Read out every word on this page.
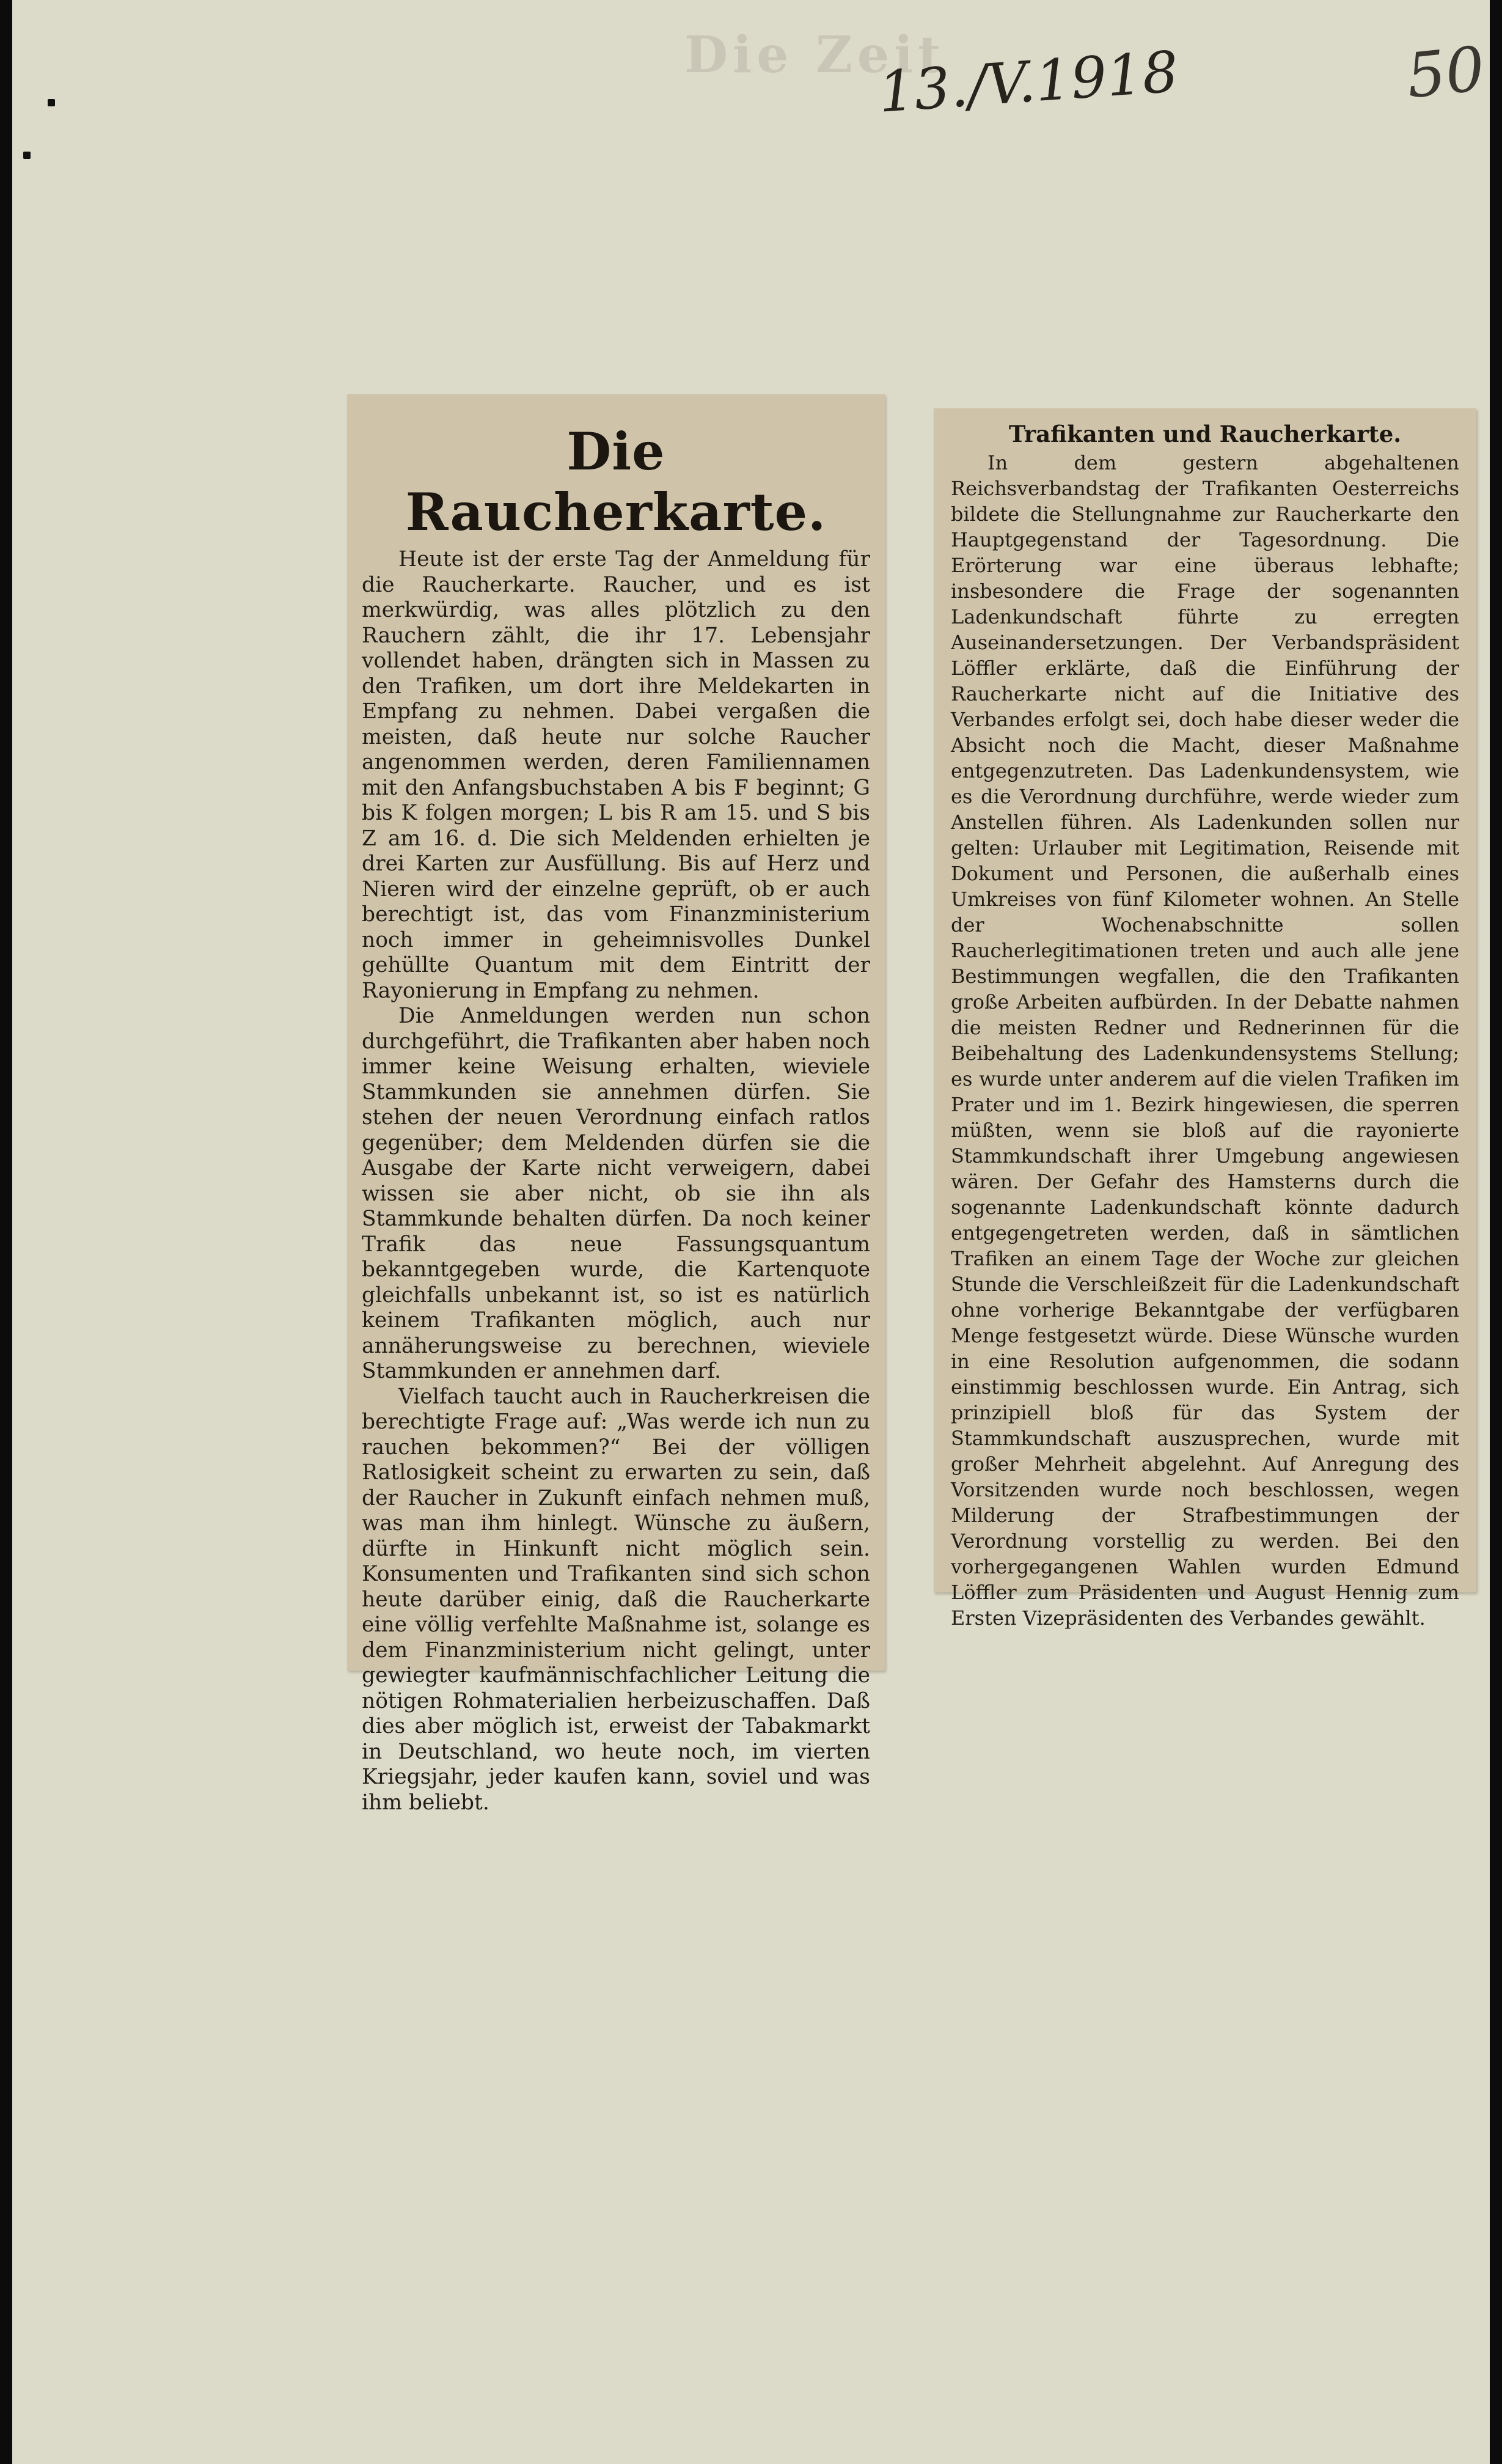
Die Zeit
13./V.1918	50
Die Raucherkarte.

Heute ist der erste Tag der Anmeldung für die Raucherkarte. Raucher, und es ist merkwürdig, was alles plötzlich zu den Rauchern zählt, die ihr 17. Lebensjahr vollendet haben, drängten sich in Massen zu den Trafiken, um dort ihre Meldekarten in Empfang zu nehmen. Dabei vergaßen die meisten, daß heute nur solche Raucher angenommen werden, deren Familiennamen mit den Anfangsbuchstaben A bis F beginnt; G bis K folgen morgen; L bis R am 15. und S bis Z am 16. d. Die sich Meldenden erhielten je drei Karten zur Ausfüllung. Bis auf Herz und Nieren wird der einzelne geprüft, ob er auch berechtigt ist, das vom Finanzministerium noch immer in geheimnisvolles Dunkel gehüllte Quantum mit dem Eintritt der Rayonierung in Empfang zu nehmen.

Die Anmeldungen werden nun schon durchgeführt, die Trafikanten aber haben noch immer keine Weisung erhalten, wieviele Stammkunden sie annehmen dürfen. Sie stehen der neuen Verordnung einfach ratlos gegenüber; dem Meldenden dürfen sie die Ausgabe der Karte nicht verweigern, dabei wissen sie aber nicht, ob sie ihn als Stammkunde behalten dürfen. Da noch keiner Trafik das neue Fassungsquantum bekanntgegeben wurde, die Kartenquote gleichfalls unbekannt ist, so ist es natürlich keinem Trafikanten möglich, auch nur annäherungsweise zu berechnen, wieviele Stammkunden er annehmen darf.

Vielfach taucht auch in Raucherkreisen die berechtigte Frage auf: „Was werde ich nun zu rauchen bekommen?“ Bei der völligen Ratlosigkeit scheint zu erwarten zu sein, daß der Raucher in Zukunft einfach nehmen muß, was man ihm hinlegt. Wünsche zu äußern, dürfte in Hinkunft nicht möglich sein. Konsumenten und Trafikanten sind sich schon heute darüber einig, daß die Raucherkarte eine völlig verfehlte Maßnahme ist, solange es dem Finanzministerium nicht gelingt, unter gewiegter kaufmännischfachlicher Leitung die nötigen Rohmaterialien herbeizuschaffen. Daß dies aber möglich ist, erweist der Tabakmarkt in Deutschland, wo heute noch, im vierten Kriegsjahr, jeder kaufen kann, soviel und was ihm beliebt.

Trafikanten und Raucherkarte.

In dem gestern abgehaltenen Reichsverbandstag der Trafikanten Oesterreichs bildete die Stellungnahme zur Raucherkarte den Hauptgegenstand der Tagesordnung. Die Erörterung war eine überaus lebhafte; insbesondere die Frage der sogenannten Ladenkundschaft führte zu erregten Auseinandersetzungen. Der Verbandspräsident Löffler erklärte, daß die Einführung der Raucherkarte nicht auf die Initiative des Verbandes erfolgt sei, doch habe dieser weder die Absicht noch die Macht, dieser Maßnahme entgegenzutreten. Das Ladenkundensystem, wie es die Verordnung durchführe, werde wieder zum Anstellen führen. Als Ladenkunden sollen nur gelten: Urlauber mit Legitimation, Reisende mit Dokument und Personen, die außerhalb eines Umkreises von fünf Kilometer wohnen. An Stelle der Wochenabschnitte sollen Raucherlegitimationen treten und auch alle jene Bestimmungen wegfallen, die den Trafikanten große Arbeiten aufbürden. In der Debatte nahmen die meisten Redner und Rednerinnen für die Beibehaltung des Ladenkundensystems Stellung; es wurde unter anderem auf die vielen Trafiken im Prater und im 1. Bezirk hingewiesen, die sperren müßten, wenn sie bloß auf die rayonierte Stammkundschaft ihrer Umgebung angewiesen wären. Der Gefahr des Hamsterns durch die sogenannte Ladenkundschaft könnte dadurch entgegengetreten werden, daß in sämtlichen Trafiken an einem Tage der Woche zur gleichen Stunde die Verschleißzeit für die Ladenkundschaft ohne vorherige Bekanntgabe der verfügbaren Menge festgesetzt würde. Diese Wünsche wurden in eine Resolution aufgenommen, die sodann einstimmig beschlossen wurde. Ein Antrag, sich prinzipiell bloß für das System der Stammkundschaft auszusprechen, wurde mit großer Mehrheit abgelehnt. Auf Anregung des Vorsitzenden wurde noch beschlossen, wegen Milderung der Strafbestimmungen der Verordnung vorstellig zu werden. Bei den vorhergegangenen Wahlen wurden Edmund Löffler zum Präsidenten und August Hennig zum Ersten Vizepräsidenten des Verbandes gewählt.
